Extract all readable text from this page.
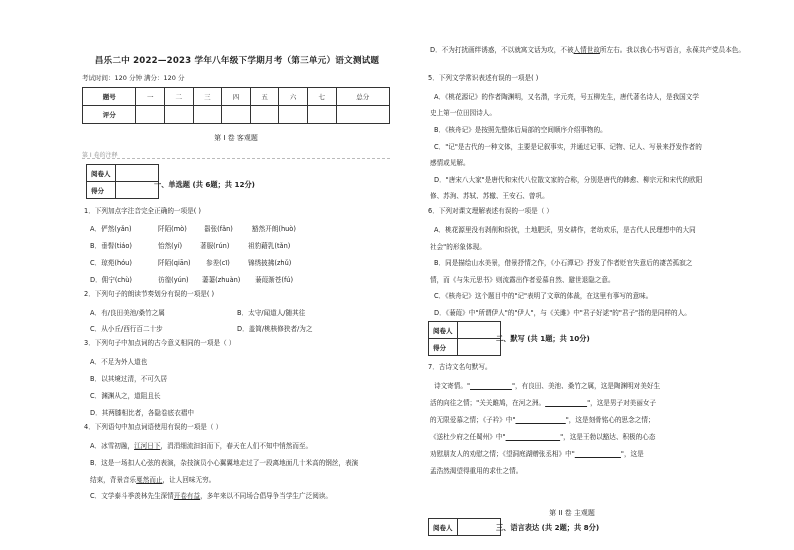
昌乐二中 2022—2023 学年八年级下学期月考（第三单元）语文测试题
考试时间：120 分钟 满分：120 分
题号	一	二	三	四	五	六	七	总分
评分								
第 I 卷 客观题
第 I 卷的注释
阅卷人	
得分	
一、单选题 (共 6题；共 12分)
1．下列加点字注音完全正确的一项是( )
A．俨然(yǎn)	阡陌(mò)	嚣张(fǎn)	豁然开朗(huò)
B．垂髫(tiáo)	怡然(yí)	著服(rún)	祖豹藉乳(tǎn)
C．琼苑(hóu)	阡陌(qiān) 参差(cī)	锦绣披拂(zhǔ)
D．佣宁(chù)	彷徨(yún) 萋萋(zhuàn) 蒹葭渐苍(fú)
2．下列句子的朗读节奏划分有误的一项是( )
A．有/良田美池/桑竹之属	B．太守/闻道人/随其往
C．从小丘/西行百二十步	D．盖简/桃核修狭者/为之
3．下列句子中加点词的古今意义相同的一项是（ ）
A．不足为外人道也
B．以其境过清，不可久居
C．渊渊从之，道阻且长
D．其两膝相比者，各隐卷底衣褶中
4．下列语句中加点词语使用有误的一项是（ ）
A．冰雪初融，江河日下，涓涓细流汩汩而下，春天在人们不知中悄然而至。
B．这是一场扣人心弦的表演，杂技演员小心翼翼地走过了一段离地面几十米高的钢丝，表演
结束，背景音乐戛然而止，让人回味无穷。
C．文学泰斗季羡林先生深情开卷有益，多年来以不同场合倡导争当学生广泛阅读。
D．不为打扰画绊诱惑，不以就寓文话为攻，不被人情世故所左右。我以我心书写语言，永葆共产党员本色。
5．下列文学常识表述有误的一项是( )
A．《桃花源记》的作者陶渊明，又名潜，字元亮，号五柳先生，唐代著名诗人，是我国文学
史上第一位田园诗人。
B．《核舟记》是按照先整体后局部的空间顺序介绍事物的。
C．"记"是古代的一种文体，主要是记叙事实，并通过记事、记物、记人、写景来抒发作者的
感情或见解。
D．"唐宋八大家"是唐代和宋代八位散文家的合称，分别是唐代的韩愈、柳宗元和宋代的欧阳
修、苏洵、苏轼、苏辙、王安石、曾巩。
6．下列对课文理解表述有误的一项是（ ）
A．桃花源里没有剥削和纷扰，土地肥沃，男女耕作，老幼欢乐，是古代人民理想中的大同
社会"的形象体现。
B．同是描绘山水美景，借景抒情之作，《小石潭记》抒发了作者贬官失意后的凄苦孤寂之
情，而《与朱元思书》则流露出作者爱慕自然、避世退隐之意。
C．《核舟记》这个题目中的"记"表明了文章的体裁，在这里有事写的意味。
D．《蒹葭》中"所谓伊人"的"伊人"，与《关雎》中"君子好逑"的"君子"指的是同样的人。
阅卷人	
得分	
二、默写 (共 1题；共 10分)
7．古诗文名句默写。
诗文寄情。"	"，有良田、美池、桑竹之属，这是陶渊明对美好生
活的向往之情；"关关雎鸠，在河之洲。	"，这是男子对美丽女子
的无限爱慕之情；《子衿》中"	"，这是刻骨铭心的思念之情；
《送杜少府之任蜀州》中"	"，这是王勃以豁达、积极的心态
劝慰朋友人的劝慰之情；《望洞庭湖赠张丞相》中"	"，这是
孟浩然渴望得重用的求仕之情。
第 II 卷 主观题
阅卷人		三、语言表达 (共 2题；共 8分)
